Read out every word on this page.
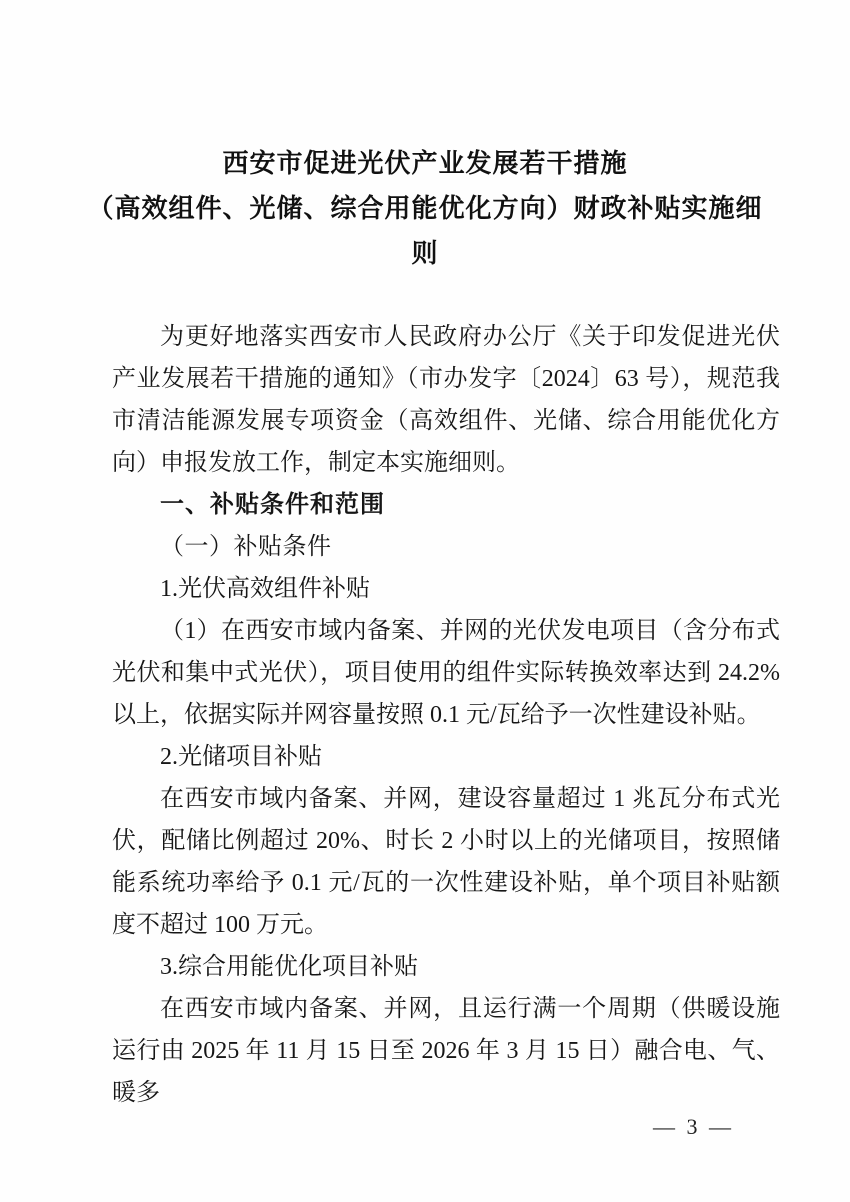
西安市促进光伏产业发展若干措施
（高效组件、光储、综合用能优化方向）财政补贴实施细
则

为更好地落实西安市人民政府办公厅《关于印发促进光伏产业发展若干措施的通知》（市办发字〔2024〕63 号），规范我市清洁能源发展专项资金（高效组件、光储、综合用能优化方向）申报发放工作，制定本实施细则。

一、补贴条件和范围

（一）补贴条件

1.光伏高效组件补贴

（1）在西安市域内备案、并网的光伏发电项目（含分布式光伏和集中式光伏），项目使用的组件实际转换效率达到 24.2%以上，依据实际并网容量按照 0.1 元/瓦给予一次性建设补贴。

2.光储项目补贴

在西安市域内备案、并网，建设容量超过 1 兆瓦分布式光伏，配储比例超过 20%、时长 2 小时以上的光储项目，按照储能系统功率给予 0.1 元/瓦的一次性建设补贴，单个项目补贴额度不超过 100 万元。

3.综合用能优化项目补贴

在西安市域内备案、并网，且运行满一个周期（供暖设施运行由 2025 年 11 月 15 日至 2026 年 3 月 15 日）融合电、气、暖多

— 3 —
